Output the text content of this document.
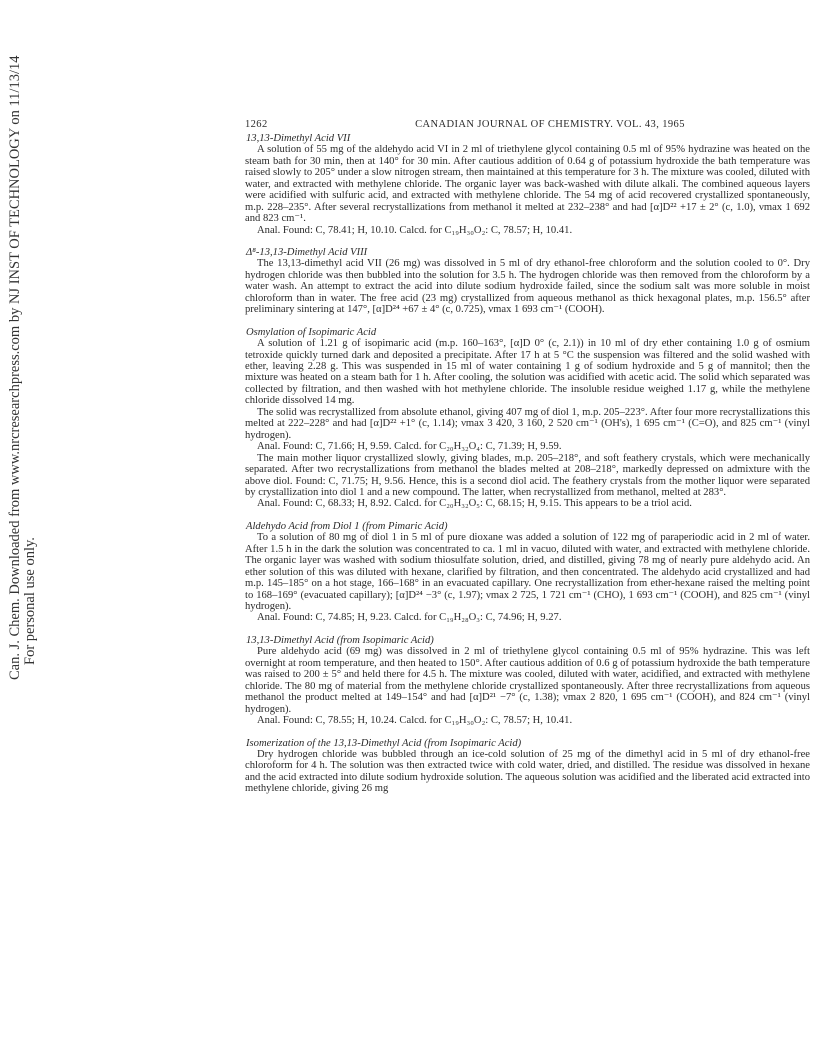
Can. J. Chem. Downloaded from www.nrcresearchpress.com by NJ INST OF TECHNOLOGY on 11/13/14 For personal use only.
1262	CANADIAN JOURNAL OF CHEMISTRY. VOL. 43, 1965
13,13-Dimethyl Acid VII

A solution of 55 mg of the aldehydo acid VI in 2 ml of triethylene glycol containing 0.5 ml of 95% hydrazine was heated on the steam bath for 30 min, then at 140° for 30 min. After cautious addition of 0.64 g of potassium hydroxide the bath temperature was raised slowly to 205° under a slow nitrogen stream, then maintained at this temperature for 3 h. The mixture was cooled, diluted with water, and extracted with methylene chloride. The organic layer was back-washed with dilute alkali. The combined aqueous layers were acidified with sulfuric acid, and extracted with methylene chloride. The 54 mg of acid recovered crystallized spontaneously, m.p. 228–235°. After several recrystallizations from methanol it melted at 232–238° and had [α]D²² +17 ± 2° (c, 1.0), νmax 1 692 and 823 cm⁻¹.

Anal. Found: C, 78.41; H, 10.10. Calcd. for C₁₉H₃₀O₂: C, 78.57; H, 10.41.

Δ⁸-13,13-Dimethyl Acid VIII

The 13,13-dimethyl acid VII (26 mg) was dissolved in 5 ml of dry ethanol-free chloroform and the solution cooled to 0°. Dry hydrogen chloride was then bubbled into the solution for 3.5 h. The hydrogen chloride was then removed from the chloroform by a water wash. An attempt to extract the acid into dilute sodium hydroxide failed, since the sodium salt was more soluble in moist chloroform than in water. The free acid (23 mg) crystallized from aqueous methanol as thick hexagonal plates, m.p. 156.5° after preliminary sintering at 147°, [α]D²⁴ +67 ± 4° (c, 0.725), νmax 1 693 cm⁻¹ (COOH).

Osmylation of Isopimaric Acid

A solution of 1.21 g of isopimaric acid (m.p. 160–163°, [α]D 0° (c, 2.1)) in 10 ml of dry ether containing 1.0 g of osmium tetroxide quickly turned dark and deposited a precipitate. After 17 h at 5 °C the suspension was filtered and the solid washed with ether, leaving 2.28 g. This was suspended in 15 ml of water containing 1 g of sodium hydroxide and 5 g of mannitol; then the mixture was heated on a steam bath for 1 h. After cooling, the solution was acidified with acetic acid. The solid which separated was collected by filtration, and then washed with hot methylene chloride. The insoluble residue weighed 1.17 g, while the methylene chloride dissolved 14 mg.

The solid was recrystallized from absolute ethanol, giving 407 mg of diol 1, m.p. 205–223°. After four more recrystallizations this melted at 222–228° and had [α]D²² +1° (c, 1.14); νmax 3 420, 3 160, 2 520 cm⁻¹ (OH's), 1 695 cm⁻¹ (C=O), and 825 cm⁻¹ (vinyl hydrogen).

Anal. Found: C, 71.66; H, 9.59. Calcd. for C₂₀H₃₂O₄: C, 71.39; H, 9.59.

The main mother liquor crystallized slowly, giving blades, m.p. 205–218°, and soft feathery crystals, which were mechanically separated. After two recrystallizations from methanol the blades melted at 208–218°, markedly depressed on admixture with the above diol. Found: C, 71.75; H, 9.56. Hence, this is a second diol acid. The feathery crystals from the mother liquor were separated by crystallization into diol 1 and a new compound. The latter, when recrystallized from methanol, melted at 283°.

Anal. Found: C, 68.33; H, 8.92. Calcd. for C₂₀H₃₂O₅: C, 68.15; H, 9.15. This appears to be a triol acid.

Aldehydo Acid from Diol 1 (from Pimaric Acid)

To a solution of 80 mg of diol 1 in 5 ml of pure dioxane was added a solution of 122 mg of paraperiodic acid in 2 ml of water. After 1.5 h in the dark the solution was concentrated to ca. 1 ml in vacuo, diluted with water, and extracted with methylene chloride. The organic layer was washed with sodium thiosulfate solution, dried, and distilled, giving 78 mg of nearly pure aldehydo acid. An ether solution of this was diluted with hexane, clarified by filtration, and then concentrated. The aldehydo acid crystallized and had m.p. 145–185° on a hot stage, 166–168° in an evacuated capillary. One recrystallization from ether-hexane raised the melting point to 168–169° (evacuated capillary); [α]D²⁴ −3° (c, 1.97); νmax 2 725, 1 721 cm⁻¹ (CHO), 1 693 cm⁻¹ (COOH), and 825 cm⁻¹ (vinyl hydrogen).

Anal. Found: C, 74.85; H, 9.23. Calcd. for C₁₉H₂₈O₃: C, 74.96; H, 9.27.

13,13-Dimethyl Acid (from Isopimaric Acid)

Pure aldehydo acid (69 mg) was dissolved in 2 ml of triethylene glycol containing 0.5 ml of 95% hydrazine. This was left overnight at room temperature, and then heated to 150°. After cautious addition of 0.6 g of potassium hydroxide the bath temperature was raised to 200 ± 5° and held there for 4.5 h. The mixture was cooled, diluted with water, acidified, and extracted with methylene chloride. The 80 mg of material from the methylene chloride crystallized spontaneously. After three recrystallizations from aqueous methanol the product melted at 149–154° and had [α]D²¹ −7° (c, 1.38); νmax 2 820, 1 695 cm⁻¹ (COOH), and 824 cm⁻¹ (vinyl hydrogen).

Anal. Found: C, 78.55; H, 10.24. Calcd. for C₁₉H₃₀O₂: C, 78.57; H, 10.41.

Isomerization of the 13,13-Dimethyl Acid (from Isopimaric Acid)

Dry hydrogen chloride was bubbled through an ice-cold solution of 25 mg of the dimethyl acid in 5 ml of dry ethanol-free chloroform for 4 h. The solution was then extracted twice with cold water, dried, and distilled. The residue was dissolved in hexane and the acid extracted into dilute sodium hydroxide solution. The aqueous solution was acidified and the liberated acid extracted into methylene chloride, giving 26 mg
